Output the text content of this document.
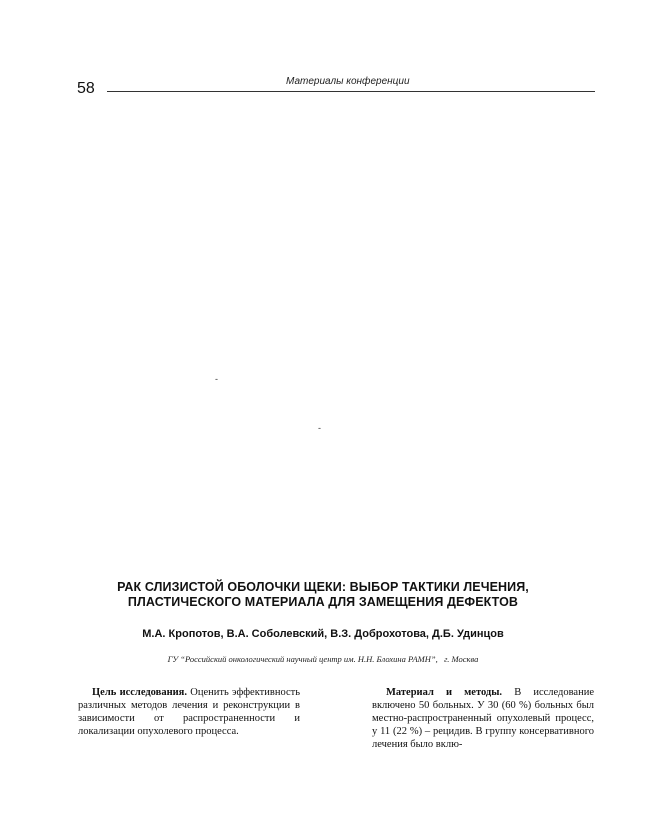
58	Материалы конференции
-
-
РАК СЛИЗИСТОЙ ОБОЛОЧКИ ЩЕКИ: ВЫБОР ТАКТИКИ ЛЕЧЕНИЯ,
ПЛАСТИЧЕСКОГО МАТЕРИАЛА ДЛЯ ЗАМЕЩЕНИЯ ДЕФЕКТОВ
М.А. Кропотов, В.А. Соболевский, В.З. Доброхотова, Д.Б. Удинцов
ГУ “Российский онкологический научный центр им. Н.Н. Блохина РАМН”,   г. Москва

Цель исследования. Оценить эффективность различных методов лечения и реконструкции в зависимости от распространенности и локализации опухолевого процесса.

Материал и методы. В исследование включено 50 больных. У 30 (60 %) больных был местно-распространенный опухолевый процесс, у 11 (22 %) – рецидив. В группу консервативного лечения было вклю-
